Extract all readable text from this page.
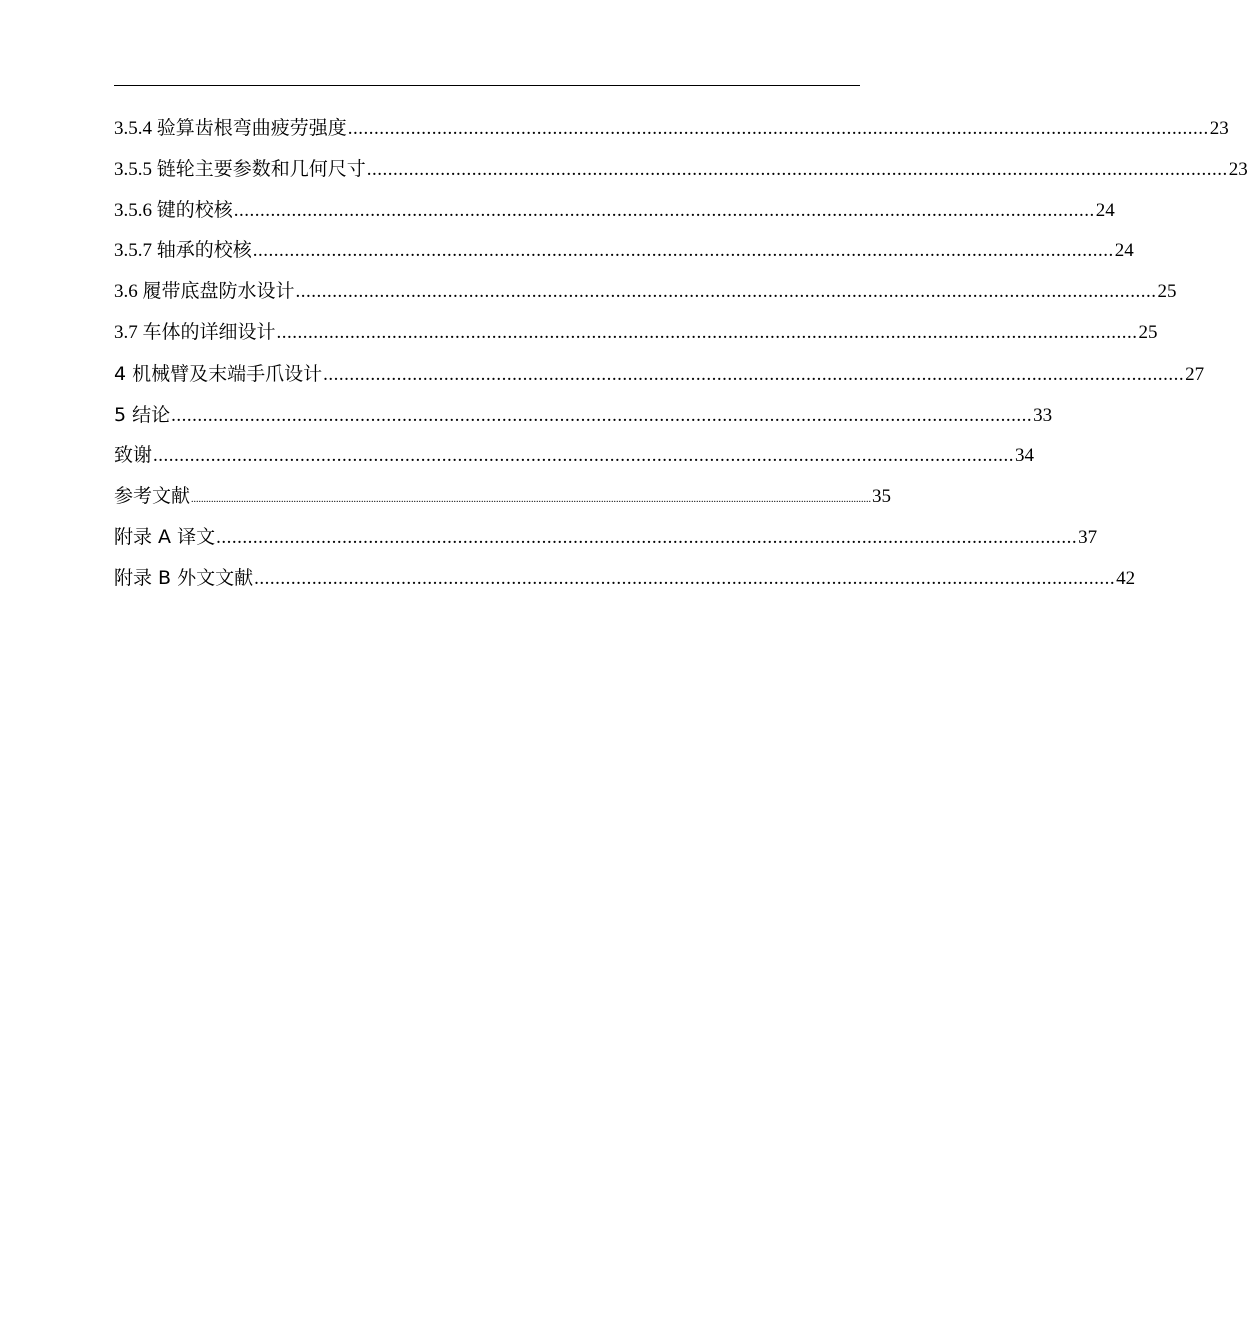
3.5.4 验算齿根弯曲疲劳强度 .................................................................................................................................................................... 23
3.5.5 链轮主要参数和几何尺寸 .................................................................................................................................................................... 23
3.5.6 键的校核 .................................................................................................................................................................... 24
3.5.7 轴承的校核 .................................................................................................................................................................... 24
3.6 履带底盘防水设计 .................................................................................................................................................................... 25
3.7 车体的详细设计 .................................................................................................................................................................... 25
4 机械臂及末端手爪设计 .................................................................................................................................................................... 27
5 结论 .................................................................................................................................................................... 33
致谢 .................................................................................................................................................................... 34
参考文献 ................................................................................................................................................................................................................................................................................ 35
附录 A 译文 .................................................................................................................................................................... 37
附录 B 外文文献 .................................................................................................................................................................... 42
